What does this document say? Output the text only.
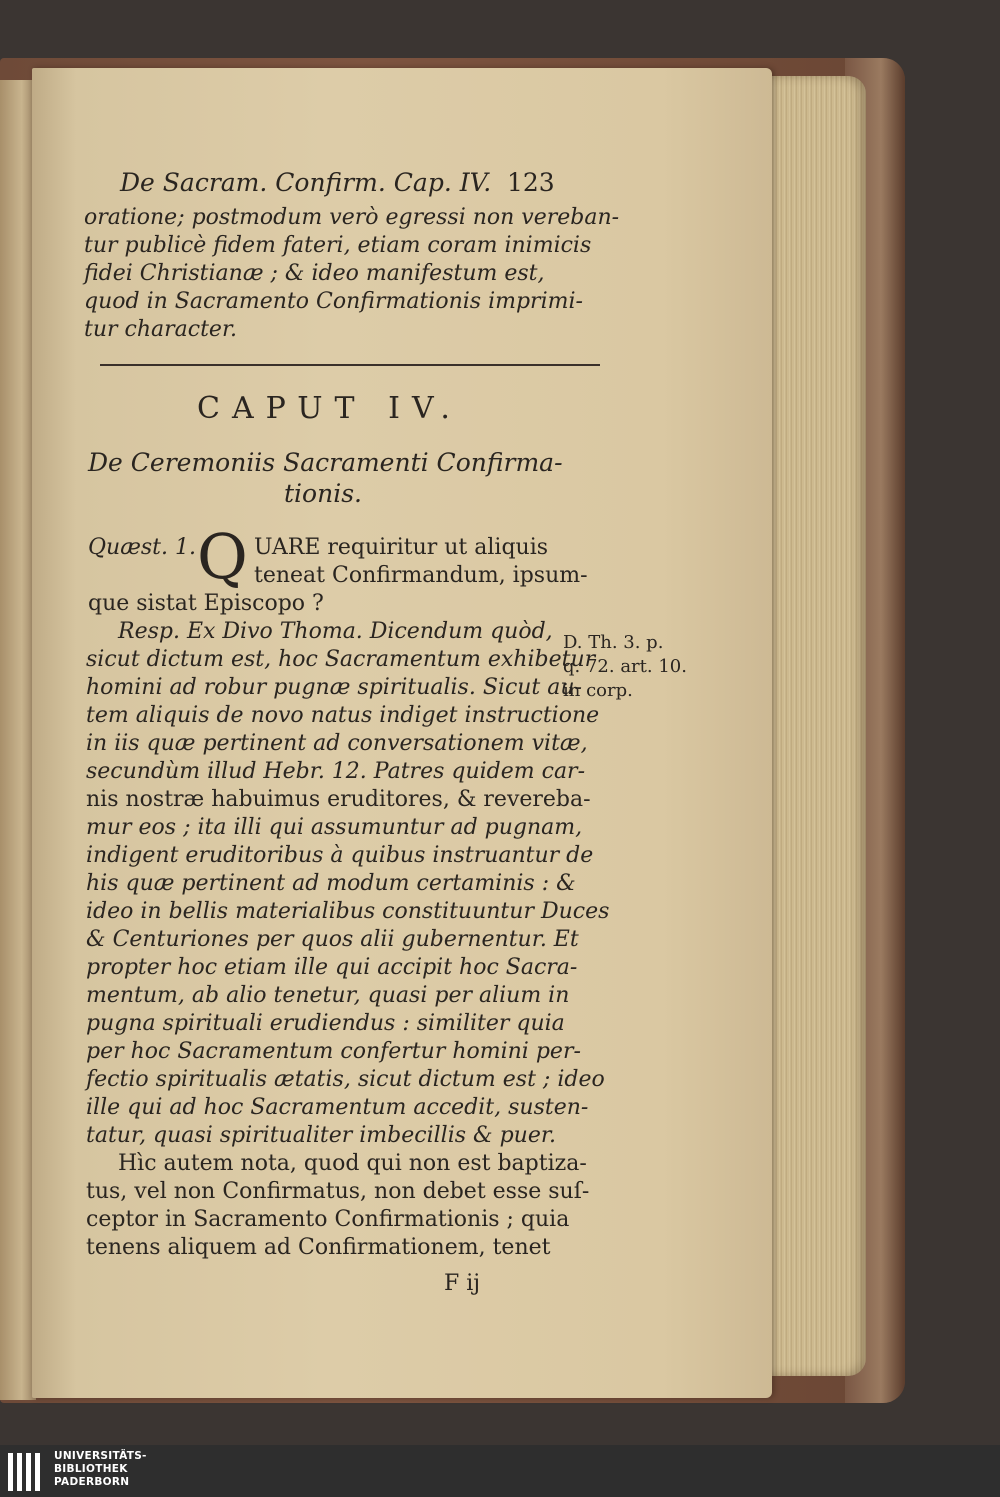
De Sacram. Confirm. Cap. IV. 123
oratione; postmodum verò egressi non vereban-
tur publicè fidem fateri, etiam coram inimicis
fidei Christianæ ; & ideo manifestum est,
quod in Sacramento Confirmationis imprimi-
tur character.
CAPUT IV.
De Ceremoniis Sacramenti Confirma-
tionis.
Quæst. 1. Q UARE requiritur ut aliquis
teneat Confirmandum, ipsum-
que sistat Episcopo ?
Resp. Ex Divo Thoma. Dicendum quòd,
sicut dictum est, hoc Sacramentum exhibetur
homini ad robur pugnæ spiritualis. Sicut au-
tem aliquis de novo natus indiget instructione
in iis quæ pertinent ad conversationem vitæ,
secundùm illud Hebr. 12. Patres quidem car-
nis nostræ habuimus eruditores, & reverеba-
mur eos ; ita illi qui assumuntur ad pugnam,
indigent eruditoribus à quibus instruantur de
his quæ pertinent ad modum certaminis : &
ideo in bellis materialibus constituuntur Duces
& Centuriones per quos alii gubernentur. Et
propter hoc etiam ille qui accipit hoc Sacra-
mentum, ab alio tenetur, quasi per alium in
pugna spirituali erudiendus : similiter quia
per hoc Sacramentum confertur homini per-
fectio spiritualis ætatis, sicut dictum est ; ideo
ille qui ad hoc Sacramentum accedit, susten-
tatur, quasi spiritualiter imbecillis & puer.
Hìc autem nota, quod qui non est baptiza-
tus, vel non Confirmatus, non debet esse suſ-
ceptor in Sacramento Confirmationis ; quia
tenens aliquem ad Confirmationem, tenet
F ij
D. Th. 3. p.
q. 72. art. 10.
in corp.
UNIVERSITÄTS-
BIBLIOTHEK
PADERBORN
